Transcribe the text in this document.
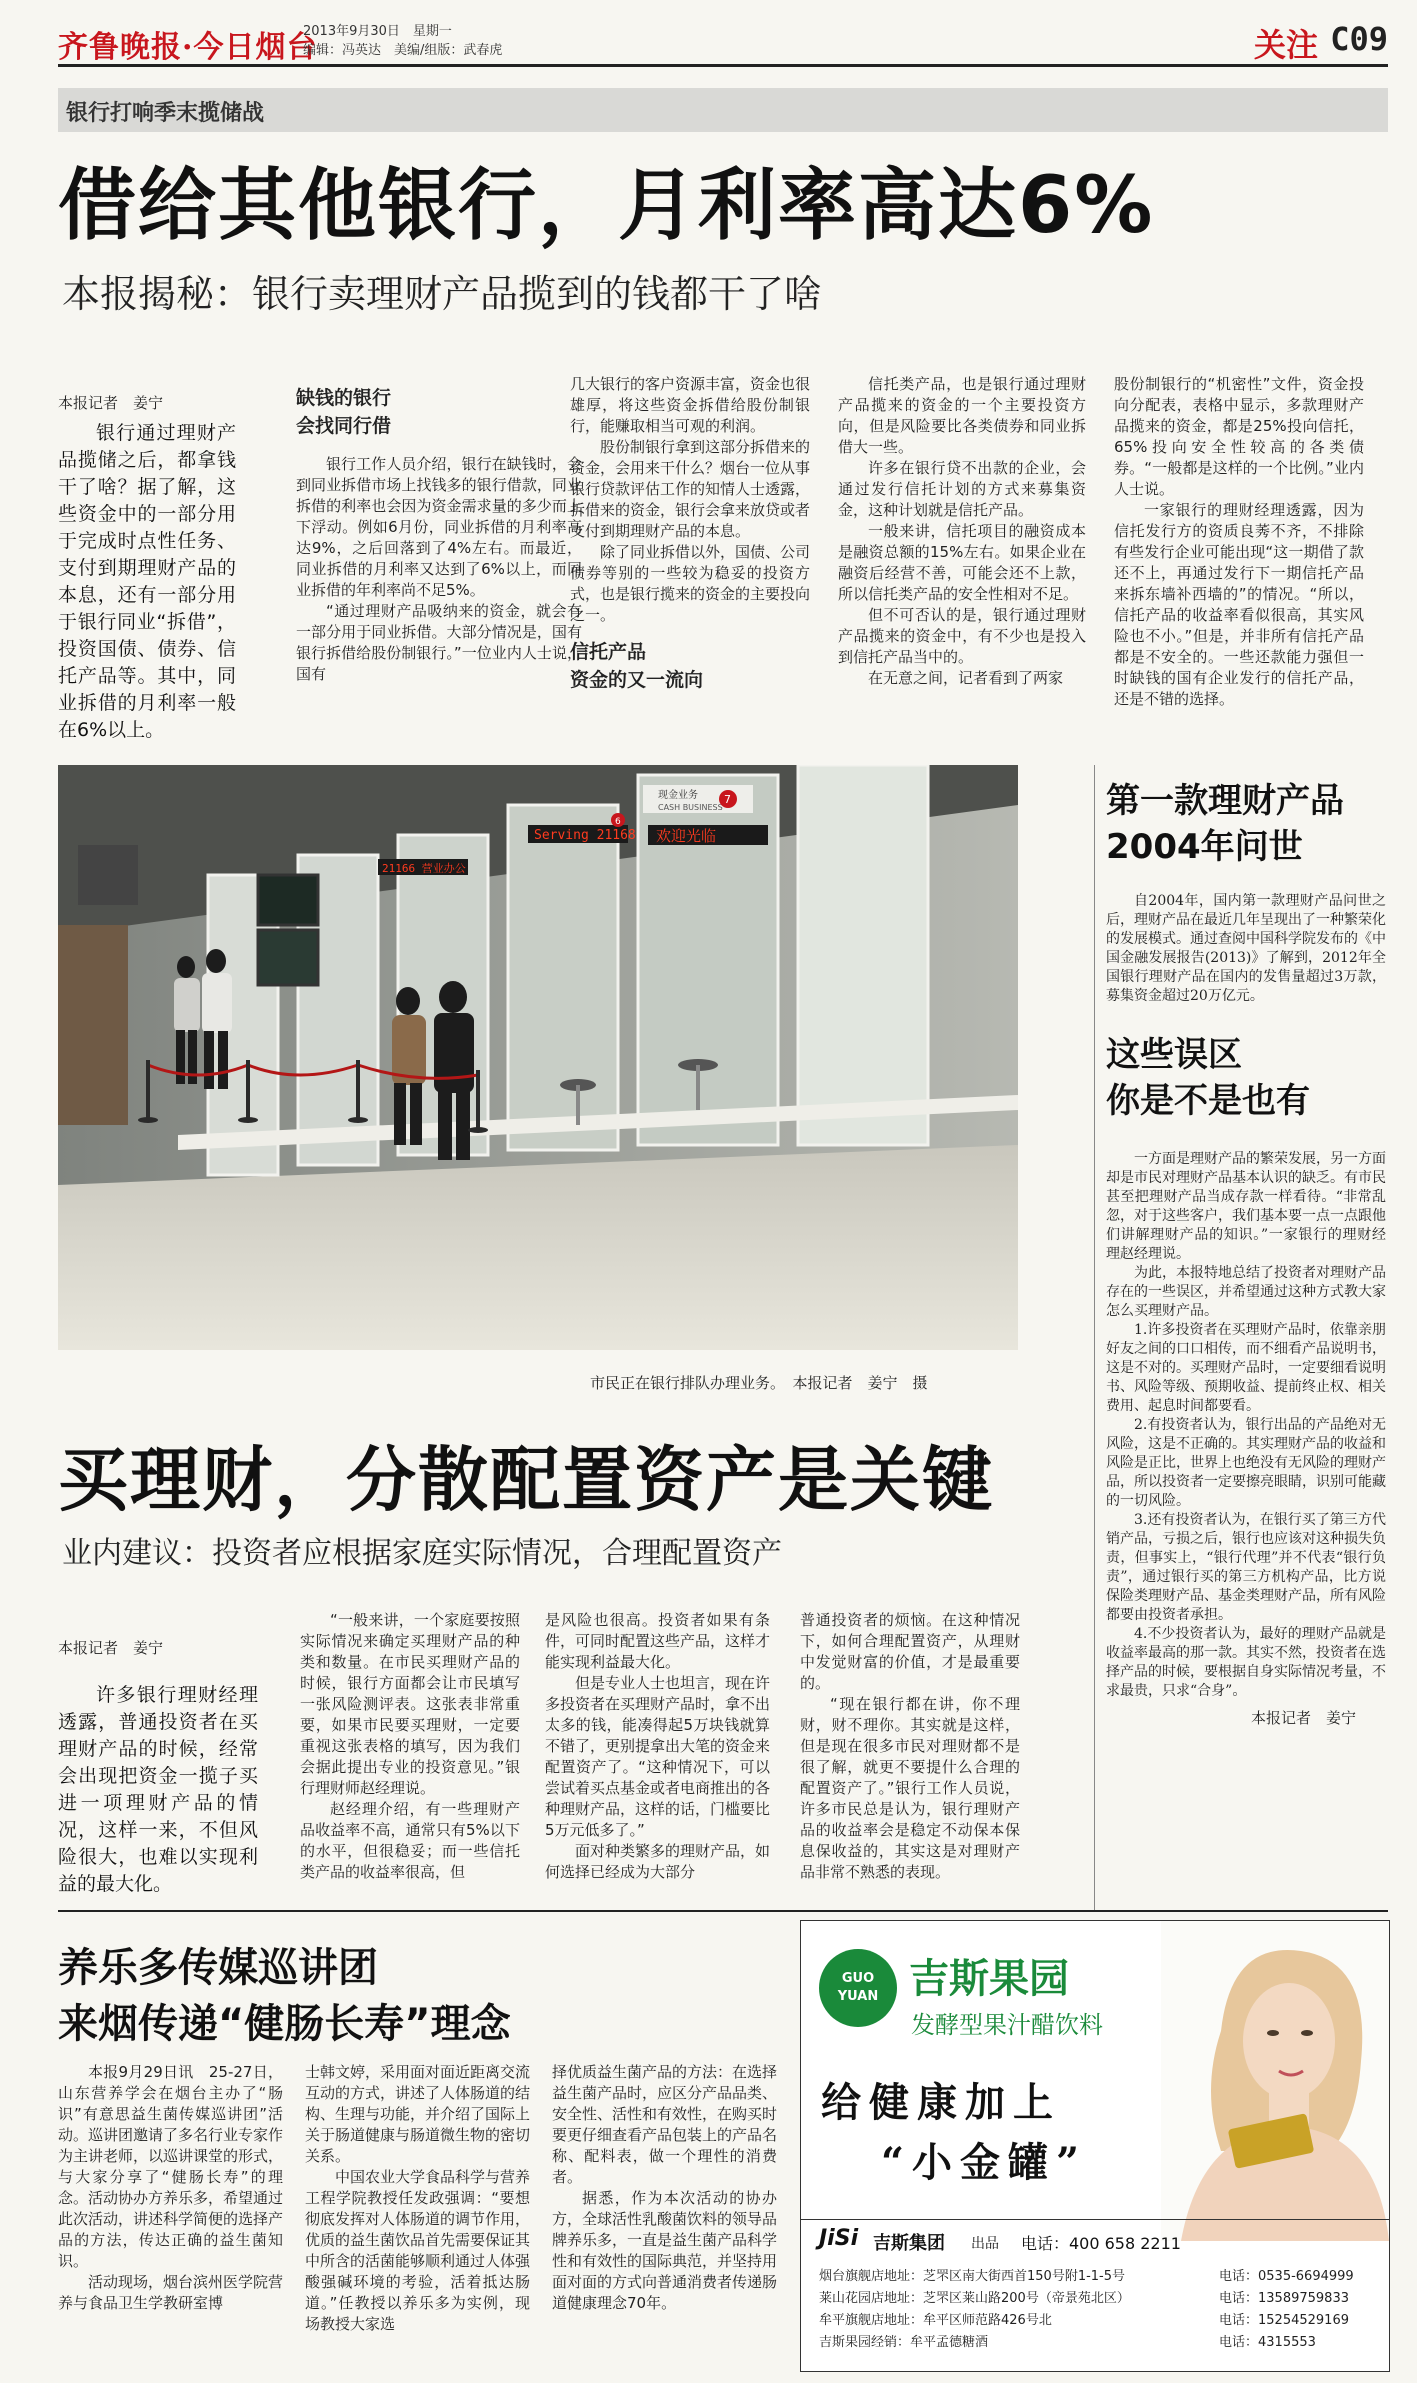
齐鲁晚报·今日烟台
2013年9月30日　星期一
编辑：冯英达　美编/组版：武春虎	关注 C09
银行打响季末揽储战
借给其他银行，月利率高达6%
本报揭秘：银行卖理财产品揽到的钱都干了啥
本报记者　姜宁

银行通过理财产品揽储之后，都拿钱干了啥？据了解，这些资金中的一部分用于完成时点性任务、支付到期理财产品的本息，还有一部分用于银行同业“拆借”，投资国债、债券、信托产品等。其中，同业拆借的月利率一般在6%以上。

缺钱的银行
会找同行借

银行工作人员介绍，银行在缺钱时，会到同业拆借市场上找钱多的银行借款，同业拆借的利率也会因为资金需求量的多少而上下浮动。例如6月份，同业拆借的月利率高达9%，之后回落到了4%左右。而最近，同业拆借的月利率又达到了6%以上，而同业拆借的年利率尚不足5%。

“通过理财产品吸纳来的资金，就会有一部分用于同业拆借。大部分情况是，国有银行拆借给股份制银行。”一位业内人士说，国有

几大银行的客户资源丰富，资金也很雄厚，将这些资金拆借给股份制银行，能赚取相当可观的利润。

股份制银行拿到这部分拆借来的资金，会用来干什么？烟台一位从事银行贷款评估工作的知情人士透露，拆借来的资金，银行会拿来放贷或者支付到期理财产品的本息。

除了同业拆借以外，国债、公司债券等别的一些较为稳妥的投资方式，也是银行揽来的资金的主要投向之一。

信托产品
资金的又一流向

信托类产品，也是银行通过理财产品揽来的资金的一个主要投资方向，但是风险要比各类债券和同业拆借大一些。

许多在银行贷不出款的企业，会通过发行信托计划的方式来募集资金，这种计划就是信托产品。

一般来讲，信托项目的融资成本是融资总额的15%左右。如果企业在融资后经营不善，可能会还不上款，所以信托类产品的安全性相对不足。

但不可否认的是，银行通过理财产品揽来的资金中，有不少也是投入到信托产品当中的。

在无意之间，记者看到了两家

股份制银行的“机密性”文件，资金投向分配表，表格中显示，多款理财产品揽来的资金，都是25%投向信托，65%投向安全性较高的各类债券。“一般都是这样的一个比例。”业内人士说。

一家银行的理财经理透露，因为信托发行方的资质良莠不齐，不排除有些发行企业可能出现“这一期借了款还不上，再通过发行下一期信托产品来拆东墙补西墙的”的情况。“所以，信托产品的收益率看似很高，其实风险也不小。”但是，并非所有信托产品都是不安全的。一些还款能力强但一时缺钱的国有企业发行的信托产品，还是不错的选择。

Serving 21168
21166 营业办公
欢迎光临
现金业务
CASH BUSINESS
7
6
市民正在银行排队办理业务。　本报记者　姜宁　摄
第一款理财产品
2004年问世

自2004年，国内第一款理财产品问世之后，理财产品在最近几年呈现出了一种繁荣化的发展模式。通过查阅中国科学院发布的《中国金融发展报告(2013)》了解到，2012年全国银行理财产品在国内的发售量超过3万款，募集资金超过20万亿元。

这些误区
你是不是也有

一方面是理财产品的繁荣发展，另一方面却是市民对理财产品基本认识的缺乏。有市民甚至把理财产品当成存款一样看待。“非常乱忽，对于这些客户，我们基本要一点一点跟他们讲解理财产品的知识。”一家银行的理财经理赵经理说。

为此，本报特地总结了投资者对理财产品存在的一些误区，并希望通过这种方式教大家怎么买理财产品。

1.许多投资者在买理财产品时，依靠亲朋好友之间的口口相传，而不细看产品说明书，这是不对的。买理财产品时，一定要细看说明书、风险等级、预期收益、提前终止权、相关费用、起息时间都要看。

2.有投资者认为，银行出品的产品绝对无风险，这是不正确的。其实理财产品的收益和风险是正比，世界上也绝没有无风险的理财产品，所以投资者一定要擦亮眼睛，识别可能藏的一切风险。

3.还有投资者认为，在银行买了第三方代销产品，亏损之后，银行也应该对这种损失负责，但事实上，“银行代理”并不代表“银行负责”，通过银行买的第三方机构产品，比方说保险类理财产品、基金类理财产品，所有风险都要由投资者承担。

4.不少投资者认为，最好的理财产品就是收益率最高的那一款。其实不然，投资者在选择产品的时候，要根据自身实际情况考量，不求最贵，只求“合身”。

本报记者　姜宁
买理财，分散配置资产是关键
业内建议：投资者应根据家庭实际情况，合理配置资产
本报记者　姜宁

许多银行理财经理透露，普通投资者在买理财产品的时候，经常会出现把资金一揽子买进一项理财产品的情况，这样一来，不但风险很大，也难以实现利益的最大化。

“一般来讲，一个家庭要按照实际情况来确定买理财产品的种类和数量。在市民买理财产品的时候，银行方面都会让市民填写一张风险测评表。这张表非常重要，如果市民要买理财，一定要重视这张表格的填写，因为我们会据此提出专业的投资意见。”银行理财师赵经理说。

赵经理介绍，有一些理财产品收益率不高，通常只有5%以下的水平，但很稳妥；而一些信托类产品的收益率很高，但

是风险也很高。投资者如果有条件，可同时配置这些产品，这样才能实现利益最大化。

但是专业人士也坦言，现在许多投资者在买理财产品时，拿不出太多的钱，能凑得起5万块钱就算不错了，更别提拿出大笔的资金来配置资产了。“这种情况下，可以尝试着买点基金或者电商推出的各种理财产品，这样的话，门槛要比5万元低多了。”

面对种类繁多的理财产品，如何选择已经成为大部分

普通投资者的烦恼。在这种情况下，如何合理配置资产，从理财中发觉财富的价值，才是最重要的。

“现在银行都在讲，你不理财，财不理你。其实就是这样，但是现在很多市民对理财都不是很了解，就更不要提什么合理的配置资产了。”银行工作人员说，许多市民总是认为，银行理财产品的收益率会是稳定不动保本保息保收益的，其实这是对理财产品非常不熟悉的表现。

养乐多传媒巡讲团
来烟传递“健肠长寿”理念

本报9月29日讯　25-27日，山东营养学会在烟台主办了“肠识”有意思益生菌传媒巡讲团”活动。巡讲团邀请了多名行业专家作为主讲老师，以巡讲课堂的形式，与大家分享了“健肠长寿”的理念。活动协办方养乐多，希望通过此次活动，讲述科学简便的选择产品的方法，传达正确的益生菌知识。

活动现场，烟台滨州医学院营养与食品卫生学教研室博

士韩文婷，采用面对面近距离交流互动的方式，讲述了人体肠道的结构、生理与功能，并介绍了国际上关于肠道健康与肠道微生物的密切关系。

中国农业大学食品科学与营养工程学院教授任发政强调：“要想彻底发挥对人体肠道的调节作用，优质的益生菌饮品首先需要保证其中所含的活菌能够顺利通过人体强酸强碱环境的考验，活着抵达肠道。”任教授以养乐多为实例，现场教授大家选

择优质益生菌产品的方法：在选择益生菌产品时，应区分产品品类、安全性、活性和有效性，在购买时要更仔细查看产品包装上的产品名称、配料表，做一个理性的消费者。

据悉，作为本次活动的协办方，全球活性乳酸菌饮料的领导品牌养乐多，一直是益生菌产品科学性和有效性的国际典范，并坚持用面对面的方式向普通消费者传递肠道健康理念70年。

GUO
YUAN 吉斯果园
发酵型果汁醋饮料
给健康加上
“小金罐”
JiSi 吉斯集团 出品 电话：400 658 2211
烟台旗舰店地址：芝罘区南大街西首150号附1-1-5号	电话：0535-6694999
莱山花园店地址：芝罘区莱山路200号（帝景苑北区）	电话：13589759833
牟平旗舰店地址：牟平区师范路426号北	电话：15254529169
吉斯果园经销：牟平孟德糖酒	电话：4315553
